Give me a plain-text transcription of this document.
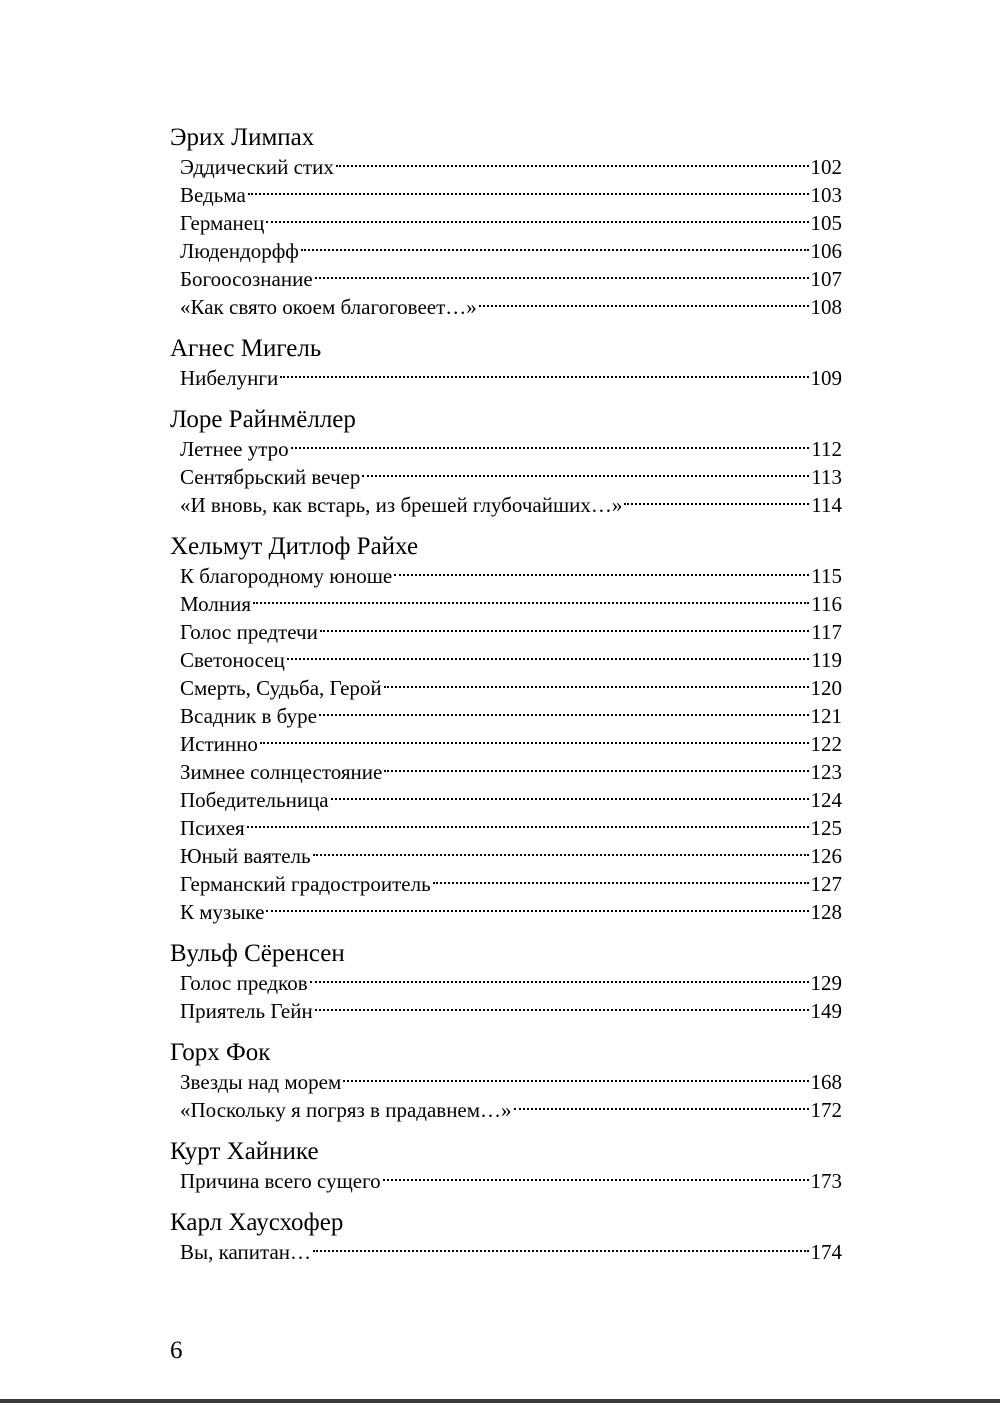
Эрих Лимпах
Эддический стих	102
Ведьма	103
Германец	105
Людендорфф	106
Богоосознание	107
«Как свято окоем благоговеет…»	108
Агнес Мигель
Нибелунги	109
Лоре Райнмёллер
Летнее утро	112
Сентябрьский вечер	113
«И вновь, как встарь, из брешей глубочайших…»	114
Хельмут Дитлоф Райхе
К благородному юноше	115
Молния	116
Голос предтечи	117
Светоносец	119
Смерть, Судьба, Герой	120
Всадник в буре	121
Истинно	122
Зимнее солнцестояние	123
Победительница	124
Психея	125
Юный ваятель	126
Германский градостроитель	127
К музыке	128
Вульф Сёренсен
Голос предков	129
Приятель Гейн	149
Горх Фок
Звезды над морем	168
«Поскольку я погряз в прадавнем…»	172
Курт Хайнике
Причина всего сущего	173
Карл Хаусхофер
Вы, капитан…	174
6
